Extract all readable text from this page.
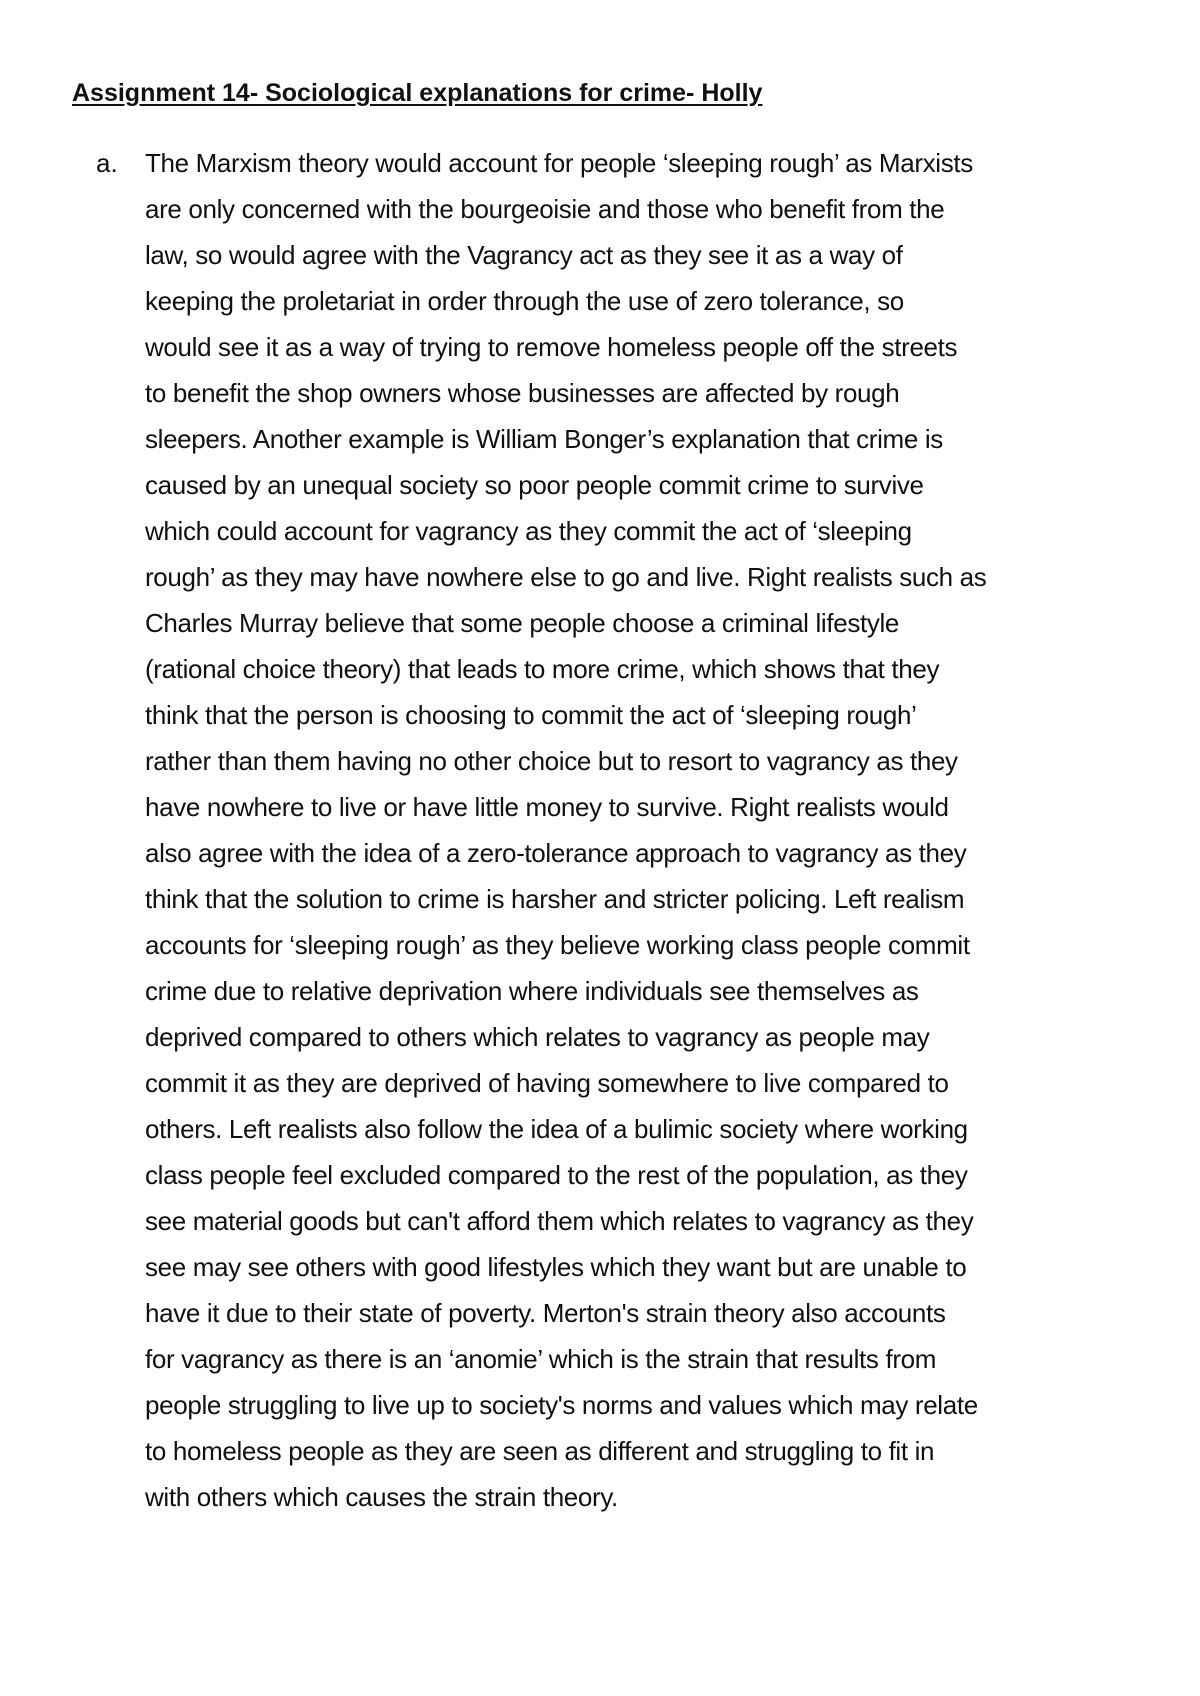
Assignment 14- Sociological explanations for crime- Holly
a. The Marxism theory would account for people ‘sleeping rough’ as Marxists
are only concerned with the bourgeoisie and those who benefit from the
law, so would agree with the Vagrancy act as they see it as a way of
keeping the proletariat in order through the use of zero tolerance, so
would see it as a way of trying to remove homeless people off the streets
to benefit the shop owners whose businesses are affected by rough
sleepers. Another example is William Bonger’s explanation that crime is
caused by an unequal society so poor people commit crime to survive
which could account for vagrancy as they commit the act of ‘sleeping
rough’ as they may have nowhere else to go and live. Right realists such as
Charles Murray believe that some people choose a criminal lifestyle
(rational choice theory) that leads to more crime, which shows that they
think that the person is choosing to commit the act of ‘sleeping rough’
rather than them having no other choice but to resort to vagrancy as they
have nowhere to live or have little money to survive. Right realists would
also agree with the idea of a zero-tolerance approach to vagrancy as they
think that the solution to crime is harsher and stricter policing. Left realism
accounts for ‘sleeping rough’ as they believe working class people commit
crime due to relative deprivation where individuals see themselves as
deprived compared to others which relates to vagrancy as people may
commit it as they are deprived of having somewhere to live compared to
others. Left realists also follow the idea of a bulimic society where working
class people feel excluded compared to the rest of the population, as they
see material goods but can't afford them which relates to vagrancy as they
see may see others with good lifestyles which they want but are unable to
have it due to their state of poverty. Merton's strain theory also accounts
for vagrancy as there is an ‘anomie’ which is the strain that results from
people struggling to live up to society's norms and values which may relate
to homeless people as they are seen as different and struggling to fit in
with others which causes the strain theory.
